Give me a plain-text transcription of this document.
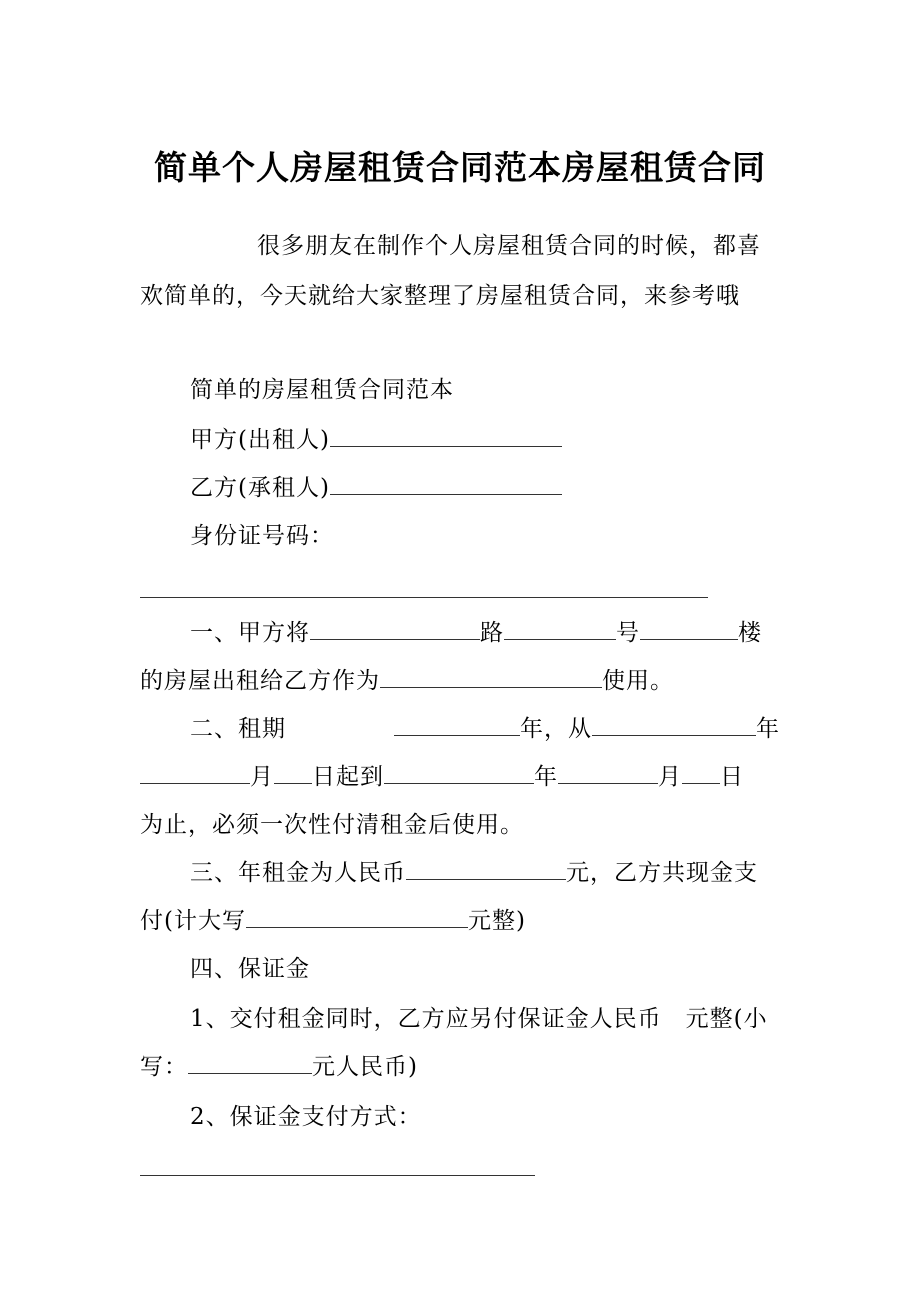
简单个人房屋租赁合同范本房屋租赁合同
很多朋友在制作个人房屋租赁合同的时候，都喜
欢简单的，今天就给大家整理了房屋租赁合同，来参考哦
简单的房屋租赁合同范本
甲方(出租人)
乙方(承租人)
身份证号码：
一、甲方将	路	号	楼
的房屋出租给乙方作为	使用。
二、租期	年，从	年
月 日起到	年	月 日
为止，必须一次性付清租金后使用。
三、年租金为人民币	元，乙方共现金支
付(计大写	元整)
四、保证金
1、交付租金同时，乙方应另付保证金人民币　元整(小
写：	元人民币)
2、保证金支付方式：
